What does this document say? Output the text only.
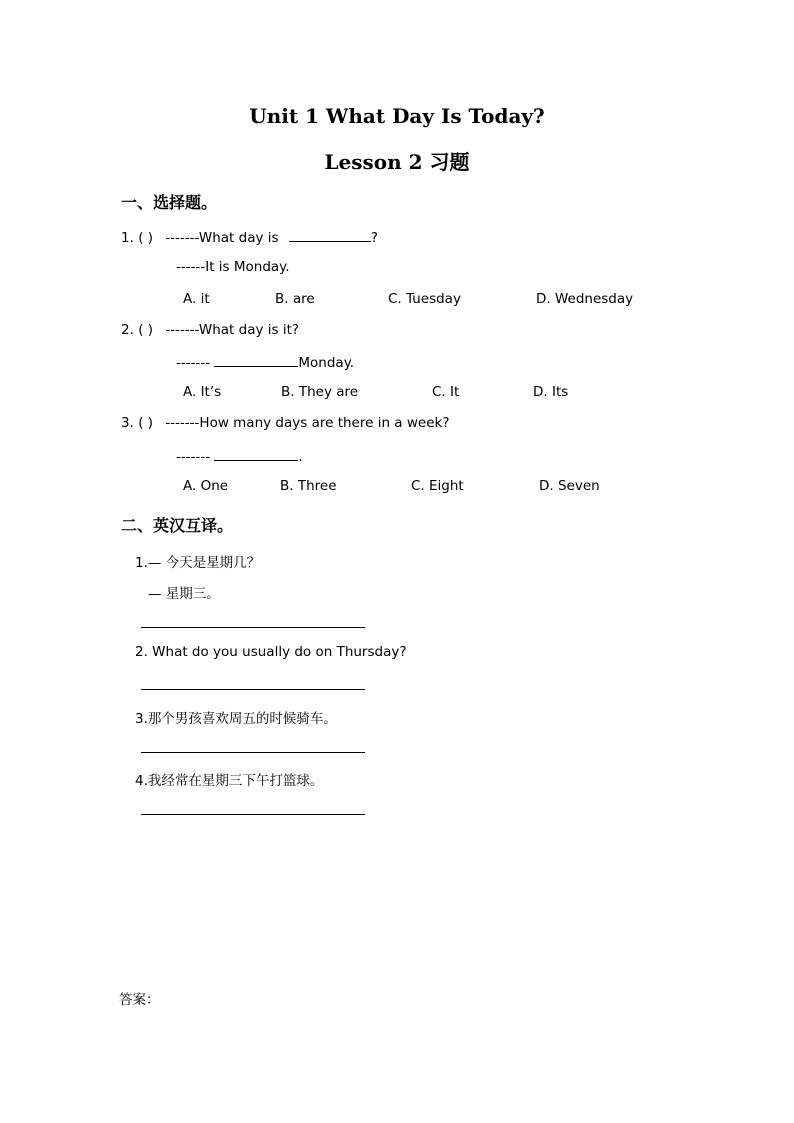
Unit 1 What Day Is Today?
Lesson 2 习题
一、选择题。
1. ( ) -------What day is	?
------It is Monday.
A. it	B. are	C. Tuesday	D. Wednesday
2. ( ) -------What day is it?
-------	Monday.
A. It’s	B. They are	C. It	D. Its
3. ( ) -------How many days are there in a week?
-------	.
A. One	B. Three	C. Eight	D. Seven
二、英汉互译。
1.— 今天是星期几？
— 星期三。
2. What do you usually do on Thursday?
3.那个男孩喜欢周五的时候骑车。
4.我经常在星期三下午打篮球。
答案：
